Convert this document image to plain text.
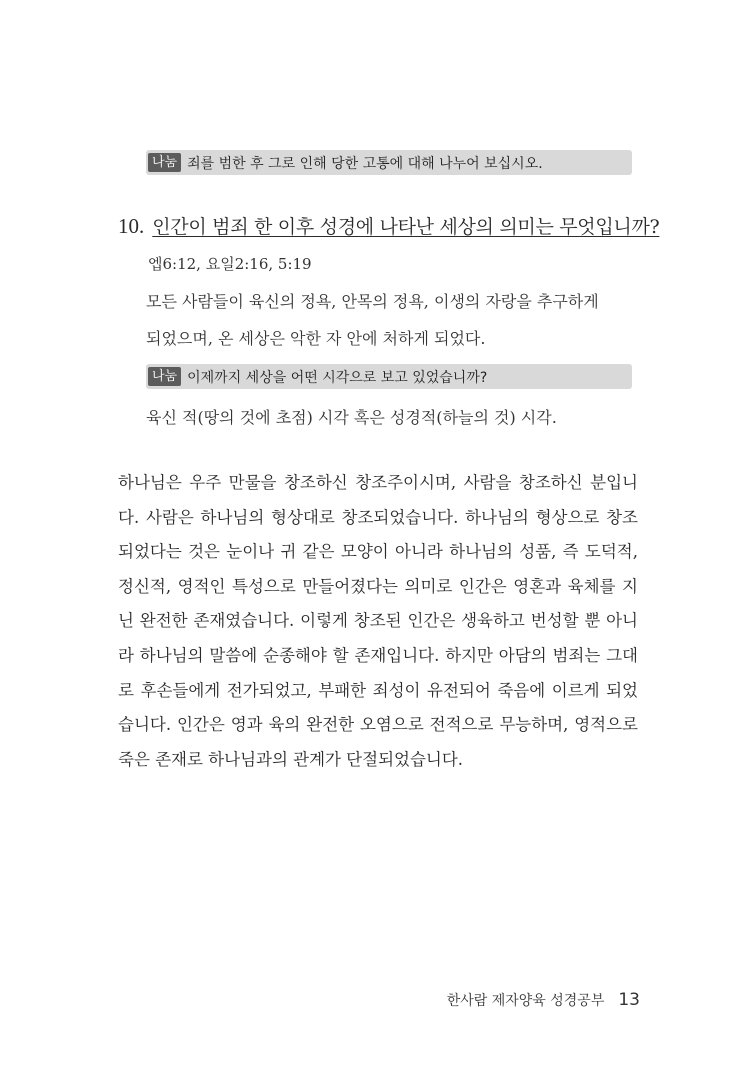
나눔 죄를 범한 후 그로 인해 당한 고통에 대해 나누어 보십시오.
10. 인간이 범죄 한 이후 성경에 나타난 세상의 의미는 무엇입니까?
엡6:12, 요일2:16, 5:19
모든 사람들이 육신의 정욕, 안목의 정욕, 이생의 자랑을 추구하게
되었으며, 온 세상은 악한 자 안에 처하게 되었다.
나눔 이제까지 세상을 어떤 시각으로 보고 있었습니까?
육신 적(땅의 것에 초점) 시각 혹은 성경적(하늘의 것) 시각.
하나님은 우주 만물을 창조하신 창조주이시며, 사람을 창조하신 분입니다. 사람은 하나님의 형상대로 창조되었습니다. 하나님의 형상으로 창조되었다는 것은 눈이나 귀 같은 모양이 아니라 하나님의 성품, 즉 도덕적, 정신적, 영적인 특성으로 만들어졌다는 의미로 인간은 영혼과 육체를 지닌 완전한 존재였습니다. 이렇게 창조된 인간은 생육하고 번성할 뿐 아니라 하나님의 말씀에 순종해야 할 존재입니다. 하지만 아담의 범죄는 그대로 후손들에게 전가되었고, 부패한 죄성이 유전되어 죽음에 이르게 되었습니다. 인간은 영과 육의 완전한 오염으로 전적으로 무능하며, 영적으로 죽은 존재로 하나님과의 관계가 단절되었습니다.
한사람 제자양육 성경공부 13
